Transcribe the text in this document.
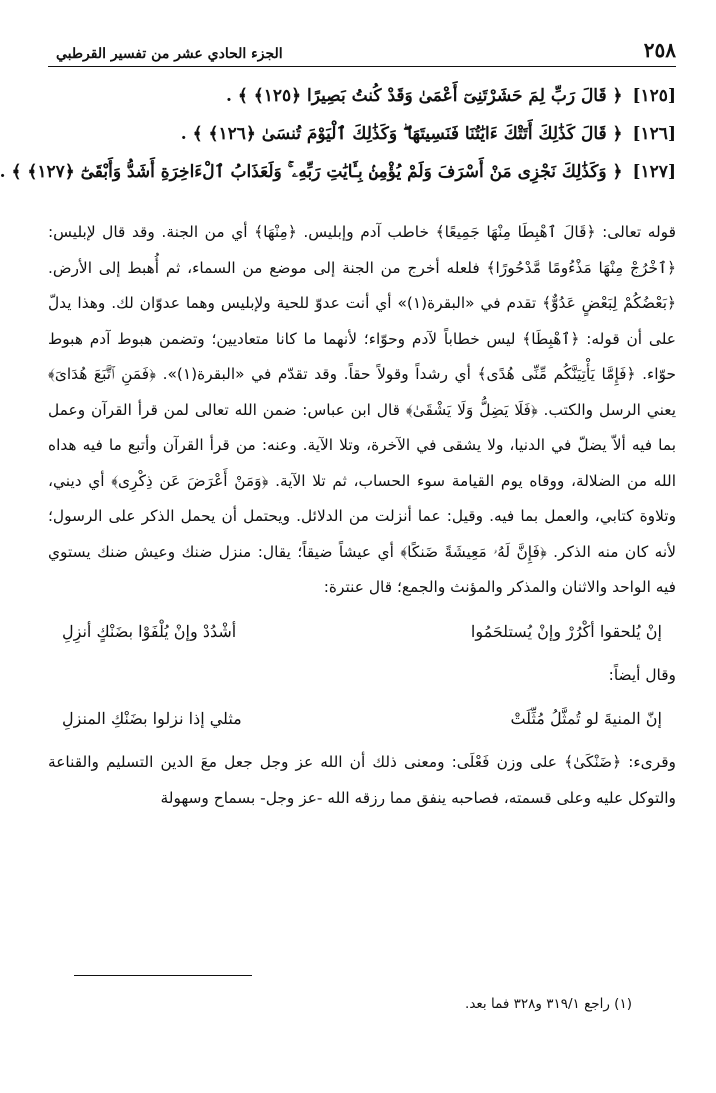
٢٥٨
الجزء الحادي عشر من تفسير القرطبي
[١٢٥]﴿ قَالَ رَبِّ لِمَ حَشَرْتَنِىٓ أَعْمَىٰ وَقَدْ كُنتُ بَصِيرًا ﴿١٢٥﴾ ﴾ .
[١٢٦]﴿ قَالَ كَذَٰلِكَ أَتَتْكَ ءَايَٰتُنَا فَنَسِيتَهَا ۖ وَكَذَٰلِكَ ٱلْيَوْمَ تُنسَىٰ ﴿١٢٦﴾ ﴾ .
[١٢٧]﴿ وَكَذَٰلِكَ نَجْزِى مَنْ أَسْرَفَ وَلَمْ يُؤْمِنۢ بِـَٔايَٰتِ رَبِّهِۦ ۚ وَلَعَذَابُ ٱلْءَاخِرَةِ أَشَدُّ وَأَبْقَىٰٓ ﴿١٢٧﴾ ﴾ .

قوله تعالى: ﴿قَالَ ٱهْبِطَا مِنْهَا جَمِيعًا﴾ خاطب آدم وإبليس. ﴿مِنْهَا﴾ أي من الجنة. وقد قال لإبليس: ﴿ٱخْرُجْ مِنْهَا مَذْءُومًا مَّدْحُورًا﴾ فلعله أخرج من الجنة إلى موضع من السماء، ثم أُهبط إلى الأرض. ﴿بَعْضُكُمْ لِبَعْضٍ عَدُوٌّ﴾ تقدم في «البقرة(١)» أي أنت عدوّ للحية ولإبليس وهما عدوّان لك. وهذا يدلّ على أن قوله: ﴿ٱهْبِطَا﴾ ليس خطاباً لآدم وحوّاء؛ لأنهما ما كانا متعاديين؛ وتضمن هبوط آدم هبوط حوّاء. ﴿فَإِمَّا يَأْتِيَنَّكُم مِّنِّى هُدًى﴾ أي رشداً وقولاً حقاً. وقد تقدّم في «البقرة(١)». ﴿فَمَنِ ٱتَّبَعَ هُدَاىَ﴾ يعني الرسل والكتب. ﴿فَلَا يَضِلُّ وَلَا يَشْقَىٰ﴾ قال ابن عباس: ضمن الله تعالى لمن قرأ القرآن وعمل بما فيه ألاّ يضلّ في الدنيا، ولا يشقى في الآخرة، وتلا الآية. وعنه: من قرأ القرآن وأتبع ما فيه هداه الله من الضلالة، ووقاه يوم القيامة سوء الحساب، ثم تلا الآية. ﴿وَمَنْ أَعْرَضَ عَن ذِكْرِى﴾ أي ديني، وتلاوة كتابي، والعمل بما فيه. وقيل: عما أنزلت من الدلائل. ويحتمل أن يحمل الذكر على الرسول؛ لأنه كان منه الذكر. ﴿فَإِنَّ لَهُۥ مَعِيشَةً ضَنكًا﴾ أي عيشاً ضيقاً؛ يقال: منزل ضنك وعيش ضنك يستوي فيه الواحد والاثنان والمذكر والمؤنث والجمع؛ قال عنترة:

إنْ يُلحقوا أكْرُرْ وإنْ يُستلحَمُوا
أشْدُدْ وإنْ يُلْفَوْا بضَنْكٍ أنزِلِ

وقال أيضاً:

إنّ المنيةَ لو تُمثَّلُ مُثِّلَتْ
مثلي إذا نزلوا بضَنْكِ المنزلِ

وقرىء: ﴿ضَنْكَىٰ﴾ على وزن فَعْلَى: ومعنى ذلك أن الله عز وجل جعل معَ الدين التسليم والقناعة والتوكل عليه وعلى قسمته، فصاحبه ينفق مما رزقه الله -عز وجل- بسماح وسهولة

(١) راجع ٣١٩/١ و٣٢٨ فما بعد.
